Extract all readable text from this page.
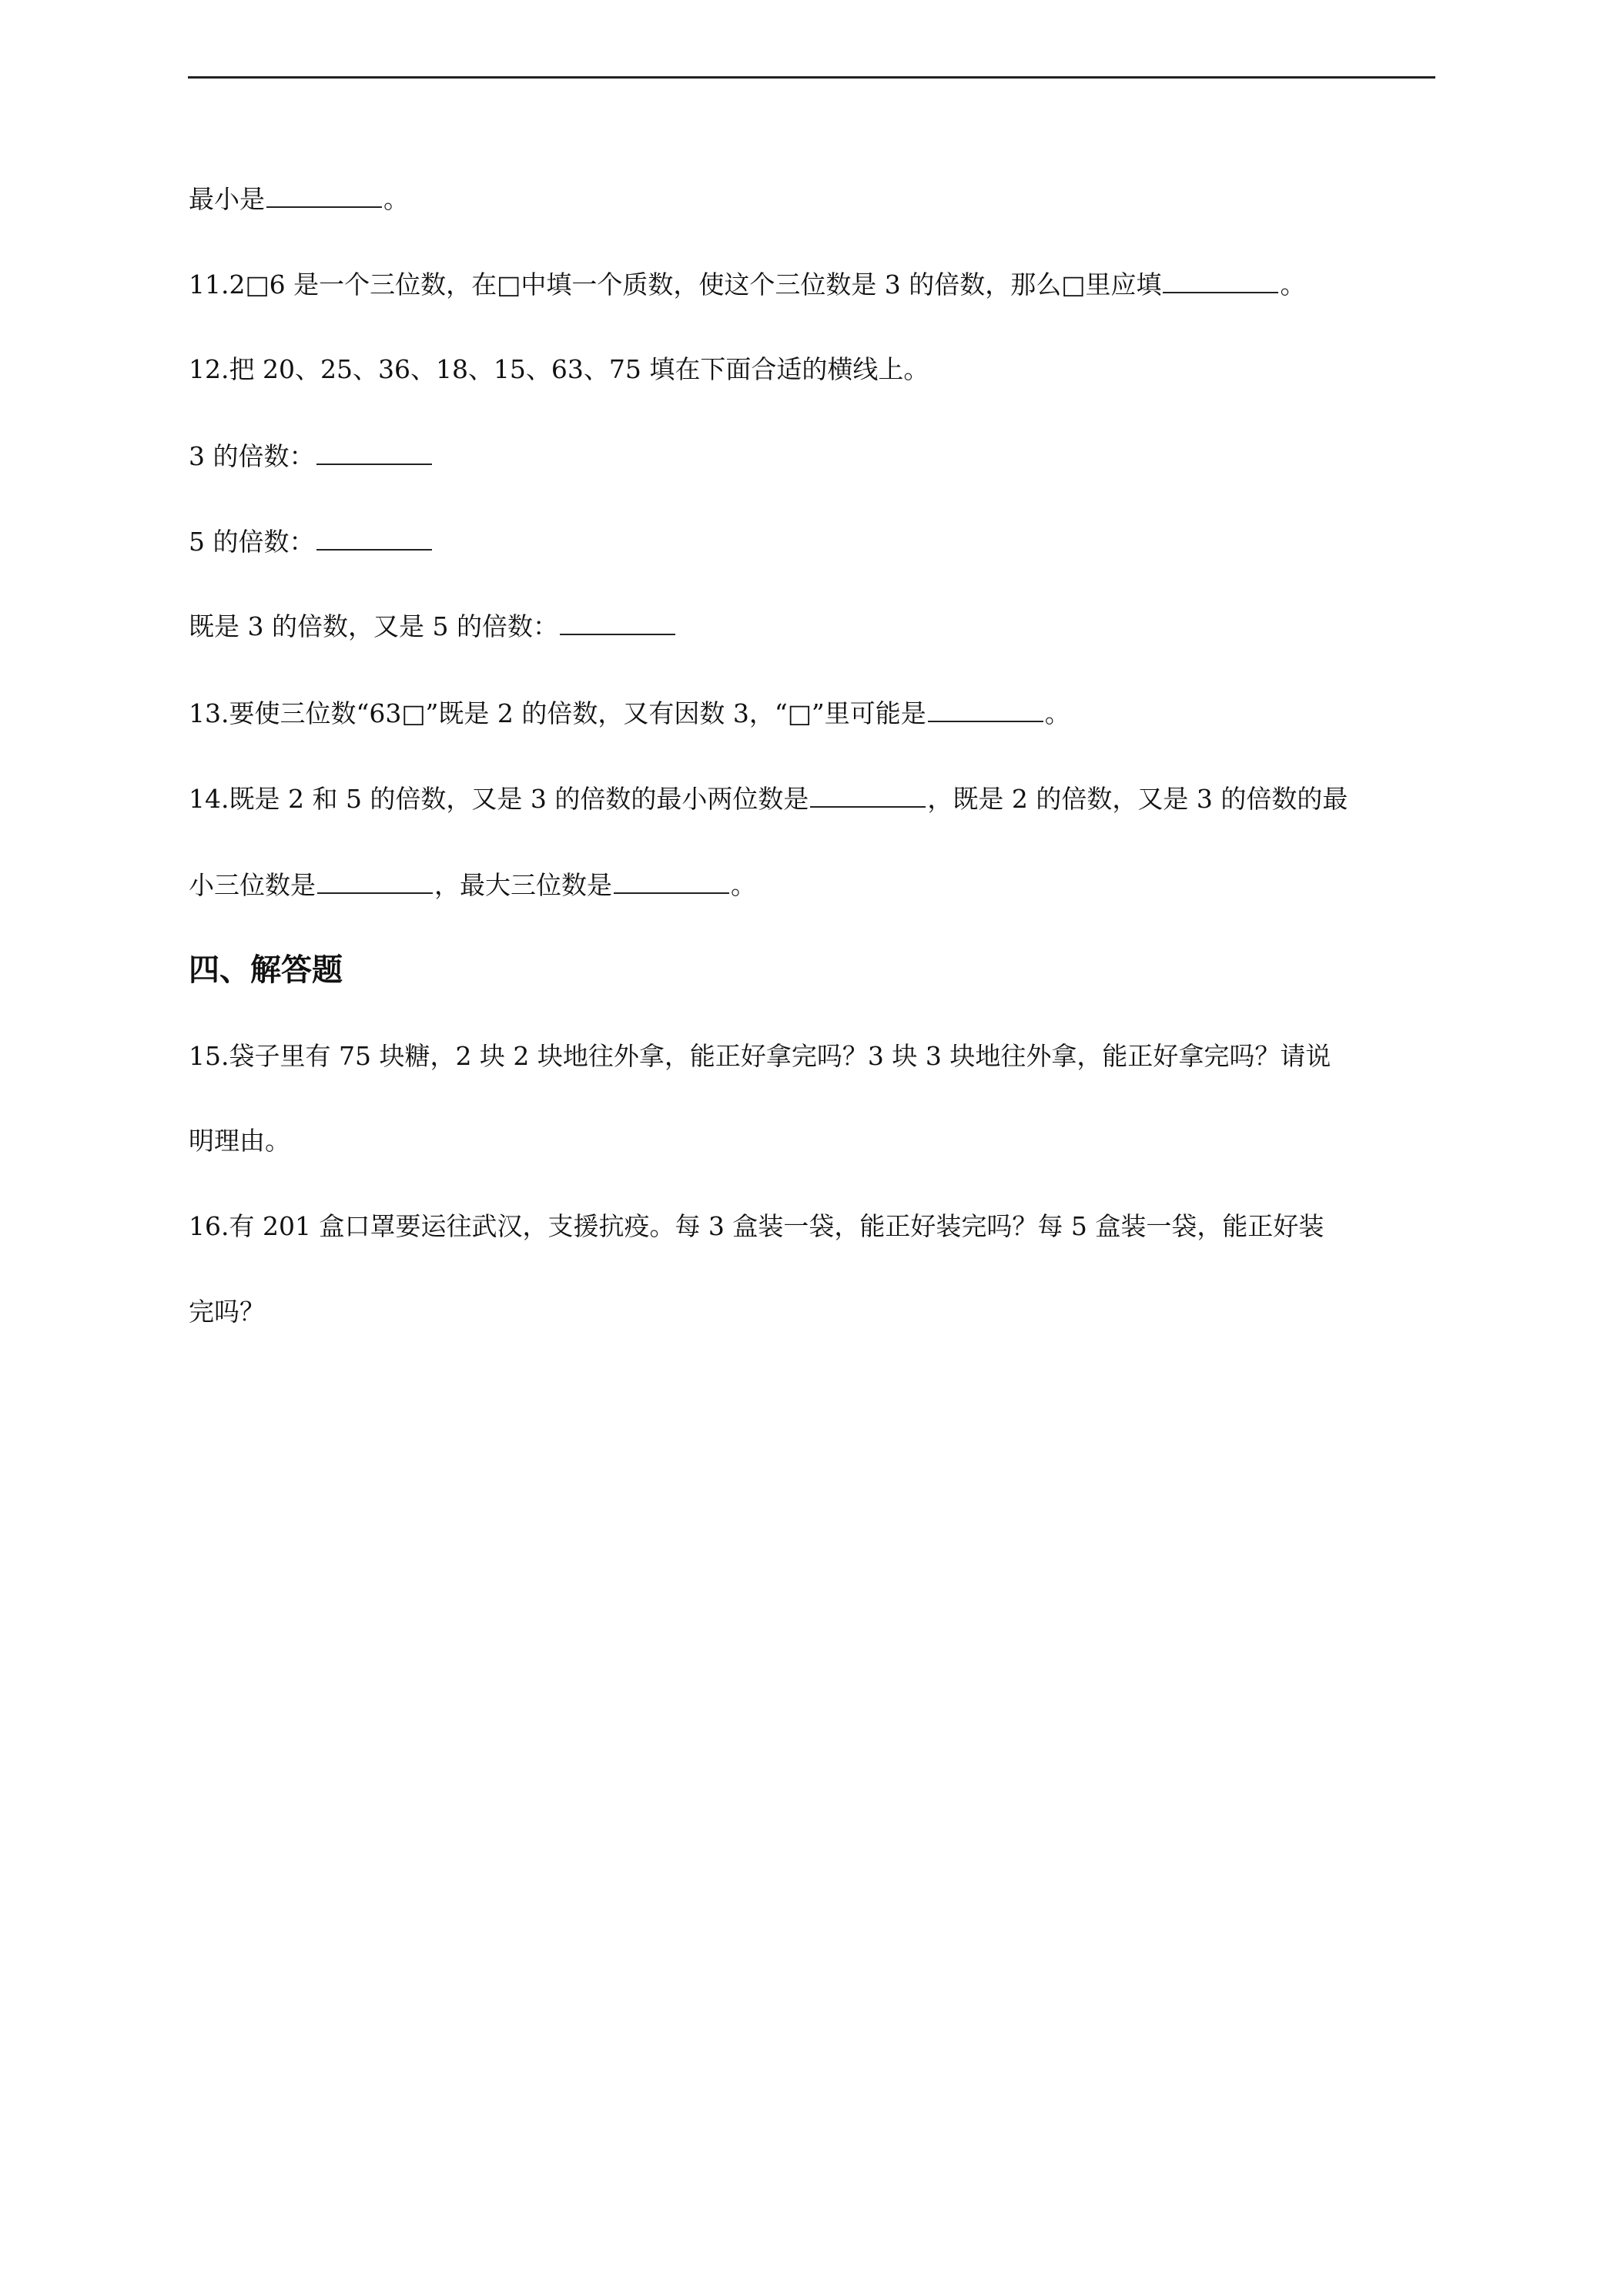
最小是	。
11.2□6 是一个三位数，在□中填一个质数，使这个三位数是 3 的倍数，那么□里应填	。
12.把 20、25、36、18、15、63、75 填在下面合适的横线上。
3 的倍数：
5 的倍数：
既是 3 的倍数，又是 5 的倍数：
13.要使三位数“63□”既是 2 的倍数，又有因数 3，“□”里可能是	。
14.既是 2 和 5 的倍数，又是 3 的倍数的最小两位数是	，既是 2 的倍数，又是 3 的倍数的最
小三位数是	，最大三位数是	。
四、解答题
15.袋子里有 75 块糖，2 块 2 块地往外拿，能正好拿完吗？3 块 3 块地往外拿，能正好拿完吗？请说
明理由。
16.有 201 盒口罩要运往武汉，支援抗疫。每 3 盒装一袋，能正好装完吗？每 5 盒装一袋，能正好装
完吗？
